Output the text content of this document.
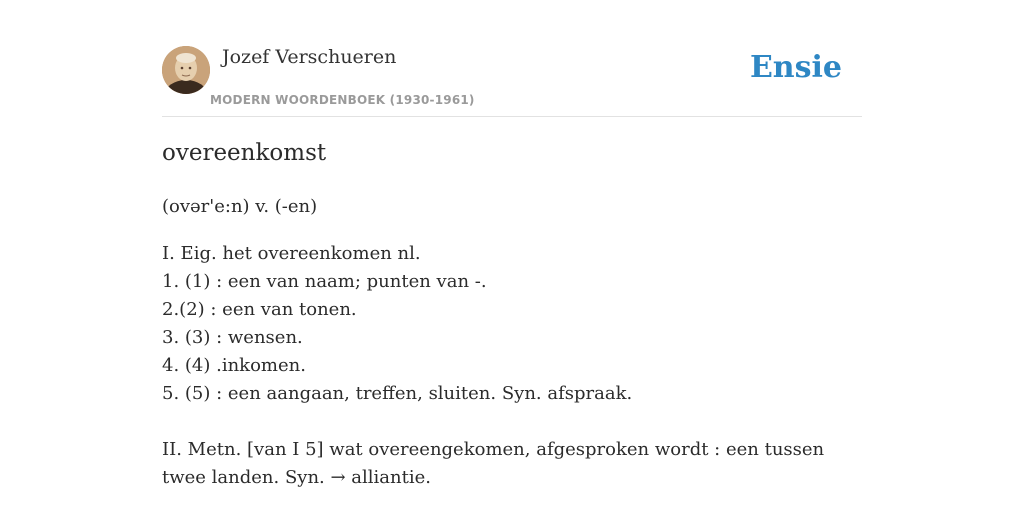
Jozef Verschueren
MODERN WOORDENBOEK (1930-1961)
Ensie
overeenkomst
(ovər'e:n) v. (-en)
I. Eig. het overeenkomen nl.
1. (1) : een van naam; punten van -.
2.(2) : een van tonen.
3. (3) : wensen.
4. (4) .inkomen.
5. (5) : een aangaan, treffen, sluiten. Syn. afspraak.
II. Metn. [van I 5] wat overeengekomen, afgesproken wordt : een tussen twee landen. Syn. → alliantie.
